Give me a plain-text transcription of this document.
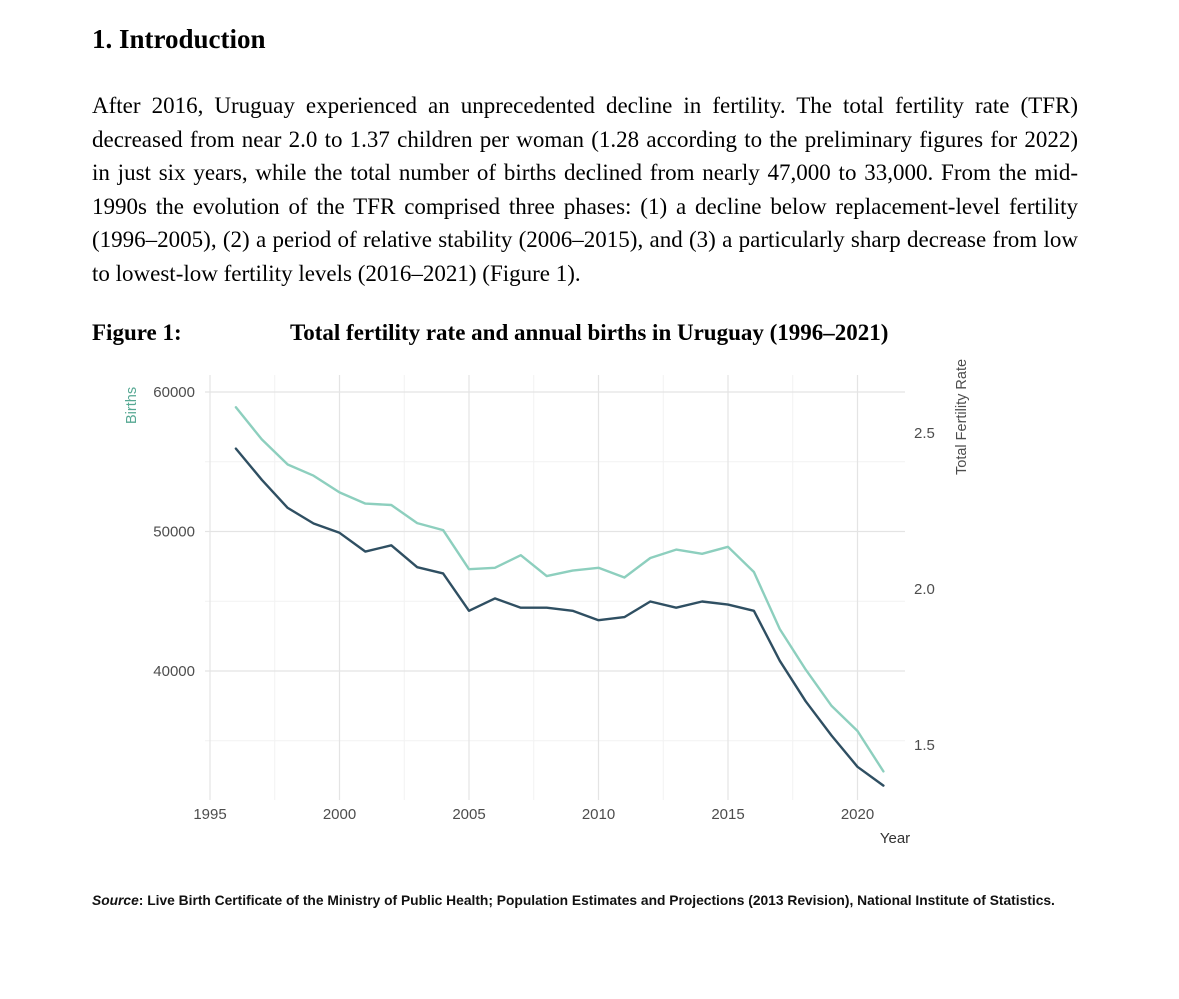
1. Introduction

After 2016, Uruguay experienced an unprecedented decline in fertility. The total fertility rate (TFR) decreased from near 2.0 to 1.37 children per woman (1.28 according to the preliminary figures for 2022) in just six years, while the total number of births declined from nearly 47,000 to 33,000. From the mid-1990s the evolution of the TFR comprised three phases: (1) a decline below replacement-level fertility (1996–2005), (2) a period of relative stability (2006–2015), and (3) a particularly sharp decrease from low to lowest-low fertility levels (2016–2021) (Figure 1).

Figure 1:	Total fertility rate and annual births in Uruguay (1996–2021)
60000
50000
40000
2.5
2.0
1.5
1995	2000	2005	2010	2015	2020
Births	Total Fertility Rate
Year

Source: Live Birth Certificate of the Ministry of Public Health; Population Estimates and Projections (2013 Revision), National Institute of Statistics.
